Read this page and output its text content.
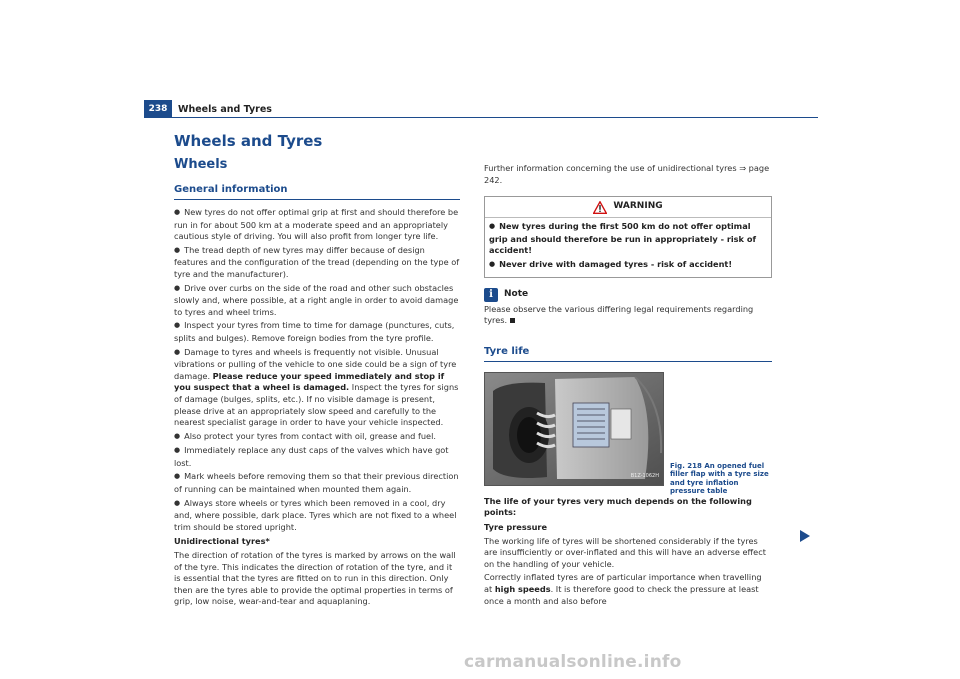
238	Wheels and Tyres
Wheels and Tyres
Wheels
General information

● New tyres do not offer optimal grip at first and should therefore be run in for about 500 km at a moderate speed and an appropriately cautious style of driving. You will also profit from longer tyre life.

● The tread depth of new tyres may differ because of design features and the configuration of the tread (depending on the type of tyre and the manufacturer).

● Drive over curbs on the side of the road and other such obstacles slowly and, where possible, at a right angle in order to avoid damage to tyres and wheel trims.

● Inspect your tyres from time to time for damage (punctures, cuts, splits and bulges). Remove foreign bodies from the tyre profile.

● Damage to tyres and wheels is frequently not visible. Unusual vibrations or pulling of the vehicle to one side could be a sign of tyre damage. Please reduce your speed immediately and stop if you suspect that a wheel is damaged. Inspect the tyres for signs of damage (bulges, splits, etc.). If no visible damage is present, please drive at an appropriately slow speed and carefully to the nearest specialist garage in order to have your vehicle inspected.

● Also protect your tyres from contact with oil, grease and fuel.

● Immediately replace any dust caps of the valves which have got lost.

● Mark wheels before removing them so that their previous direction of running can be maintained when mounted them again.

● Always store wheels or tyres which been removed in a cool, dry and, where possible, dark place. Tyres which are not fixed to a wheel trim should be stored upright.

Unidirectional tyres*

The direction of rotation of the tyres is marked by arrows on the wall of the tyre. This indicates the direction of rotation of the tyre, and it is essential that the tyres are fitted on to run in this direction. Only then are the tyres able to provide the optimal properties in terms of grip, low noise, wear-and-tear and aquaplaning.

Further information concerning the use of unidirectional tyres ⇒ page 242.

WARNING

● New tyres during the first 500 km do not offer optimal grip and should therefore be run in appropriately - risk of accident!

● Never drive with damaged tyres - risk of accident!

i	Note

Please observe the various differing legal requirements regarding tyres.

Tyre life
B1Z-1062H
Fig. 218 An opened fuel filler flap with a tyre size and tyre inflation pressure table

The life of your tyres very much depends on the following points:

Tyre pressure

The working life of tyres will be shortened considerably if the tyres are insufficiently or over-inflated and this will have an adverse effect on the handling of your vehicle.

Correctly inflated tyres are of particular importance when travelling at high speeds. It is therefore good to check the pressure at least once a month and also before

carmanualsonline.info
